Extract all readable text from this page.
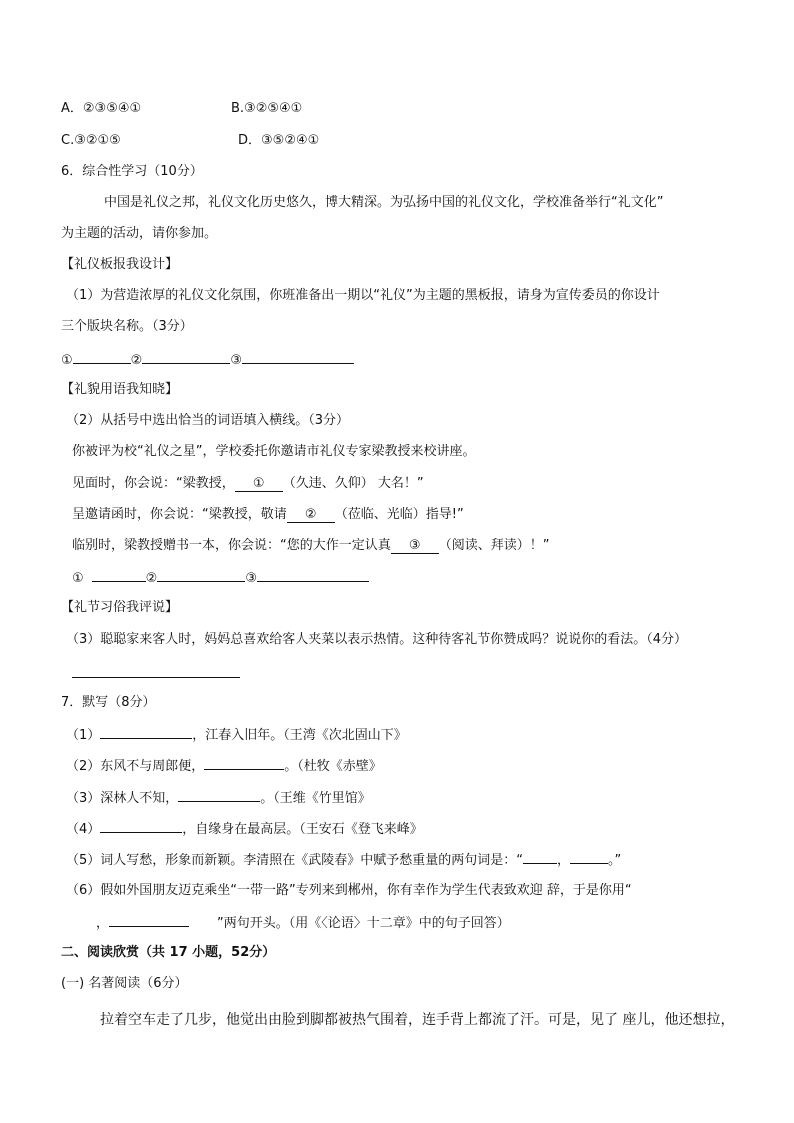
A．②③⑤④①	B.③②⑤④①
C.③②①⑤	D．③⑤②④①
6．综合性学习（10分）
中国是礼仪之邦，礼仪文化历史悠久，博大精深。为弘扬中国的礼仪文化，学校准备举行“礼文化”
为主题的活动，请你参加。
【礼仪板报我设计】
（1）为营造浓厚的礼仪文化氛围，你班准备出一期以“礼仪”为主题的黑板报，请身为宣传委员的你设计
三个版块名称。（3分）
①	②	③
【礼貌用语我知晓】
（2）从括号中选出恰当的词语填入横线。（3分）
你被评为校“礼仪之星”，学校委托你邀请市礼仪专家梁教授来校讲座。
见面时，你会说：“梁教授， ① （久违、久仰） 大名！”
呈邀请函时，你会说：“梁教授，敬请 ② （莅临、光临）指导!”
临别时，梁教授赠书一本，你会说：“您的大作一定认真 ③ （阅读、拜读）！”
①	②	③
【礼节习俗我评说】
（3）聪聪家来客人时，妈妈总喜欢给客人夹菜以表示热情。这种待客礼节你赞成吗？说说你的看法。（4分）
7．默写（8分）
（1）	，江春入旧年。（王湾《次北固山下》
（2）东风不与周郎便，	。（杜牧《赤壁》
（3）深林人不知，	。（王维《竹里馆》
（4）	，自缘身在最高层。（王安石《登飞来峰》
（5）词人写愁，形象而新颖。李清照在《武陵春》中赋予愁重量的两句词是：“	，	。”
（6）假如外国朋友迈克乘坐“一带一路”专列来到郴州，你有幸作为学生代表致欢迎 辞，于是你用“
，	”两句开头。（用《〈论语〉十二章》中的句子回答）
二、阅读欣赏（共 17 小题，52分）
(一) 名著阅读（6分）
拉着空车走了几步，他觉出由脸到脚都被热气围着，连手背上都流了汗。可是，见了 座儿，他还想拉，
